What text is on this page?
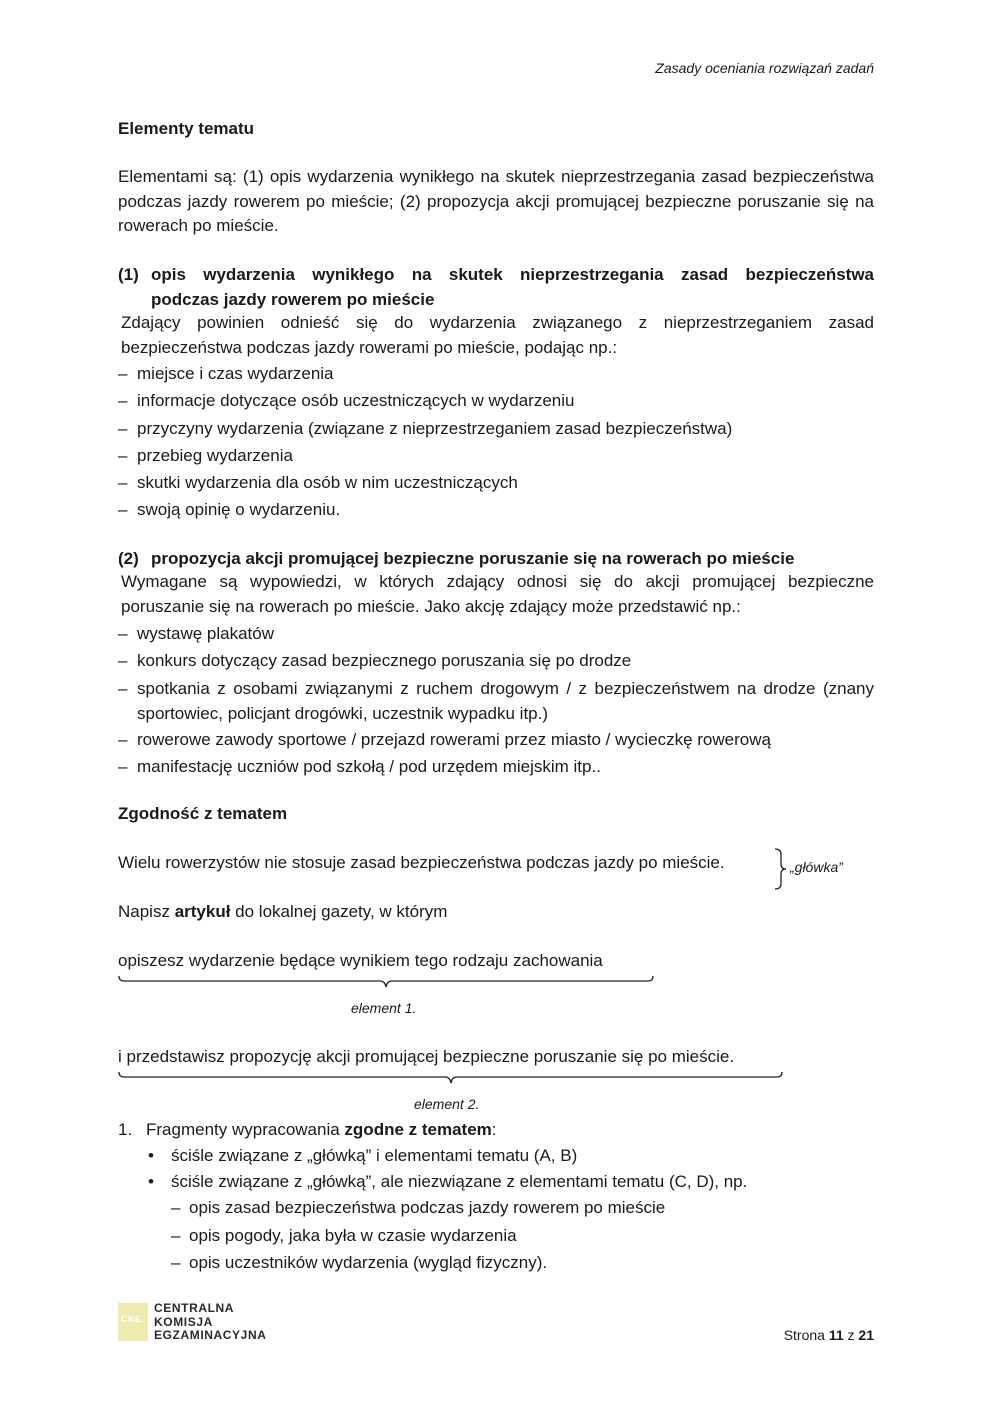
Zasady oceniania rozwiązań zadań
Elementy tematu
Elementami są: (1) opis wydarzenia wynikłego na skutek nieprzestrzegania zasad bezpieczeństwa podczas jazdy rowerem po mieście; (2) propozycja akcji promującej bezpieczne poruszanie się na rowerach po mieście.
(1) opis wydarzenia wynikłego na skutek nieprzestrzegania zasad bezpieczeństwa
podczas jazdy rowerem po mieście
Zdający powinien odnieść się do wydarzenia związanego z nieprzestrzeganiem zasad bezpieczeństwa podczas jazdy rowerami po mieście, podając np.:
– miejsce i czas wydarzenia
– informacje dotyczące osób uczestniczących w wydarzeniu
– przyczyny wydarzenia (związane z nieprzestrzeganiem zasad bezpieczeństwa)
– przebieg wydarzenia
– skutki wydarzenia dla osób w nim uczestniczących
– swoją opinię o wydarzeniu.
(2) propozycja akcji promującej bezpieczne poruszanie się na rowerach po mieście
Wymagane są wypowiedzi, w których zdający odnosi się do akcji promującej bezpieczne poruszanie się na rowerach po mieście. Jako akcję zdający może przedstawić np.:
– wystawę plakatów
– konkurs dotyczący zasad bezpiecznego poruszania się po drodze
– spotkania z osobami związanymi z ruchem drogowym / z bezpieczeństwem na drodze (znany sportowiec, policjant drogówki, uczestnik wypadku itp.)
– rowerowe zawody sportowe / przejazd rowerami przez miasto / wycieczkę rowerową
– manifestację uczniów pod szkołą / pod urzędem miejskim itp..
Zgodność z tematem
Wielu rowerzystów nie stosuje zasad bezpieczeństwa podczas jazdy po mieście.	„główka”
Napisz artykuł do lokalnej gazety, w którym
opiszesz wydarzenie będące wynikiem tego rodzaju zachowania
element 1.
i przedstawisz propozycję akcji promującej bezpieczne poruszanie się po mieście.
element 2.
1. Fragmenty wypracowania zgodne z tematem:
• ściśle związane z „główką” i elementami tematu (A, B)
• ściśle związane z „główką”, ale niezwiązane z elementami tematu (C, D), np.
– opis zasad bezpieczeństwa podczas jazdy rowerem po mieście
– opis pogody, jaka była w czasie wydarzenia
– opis uczestników wydarzenia (wygląd fizyczny).
CKE
CENTRALNA
KOMISJA
EGZAMINACYJNA	Strona 11 z 21
